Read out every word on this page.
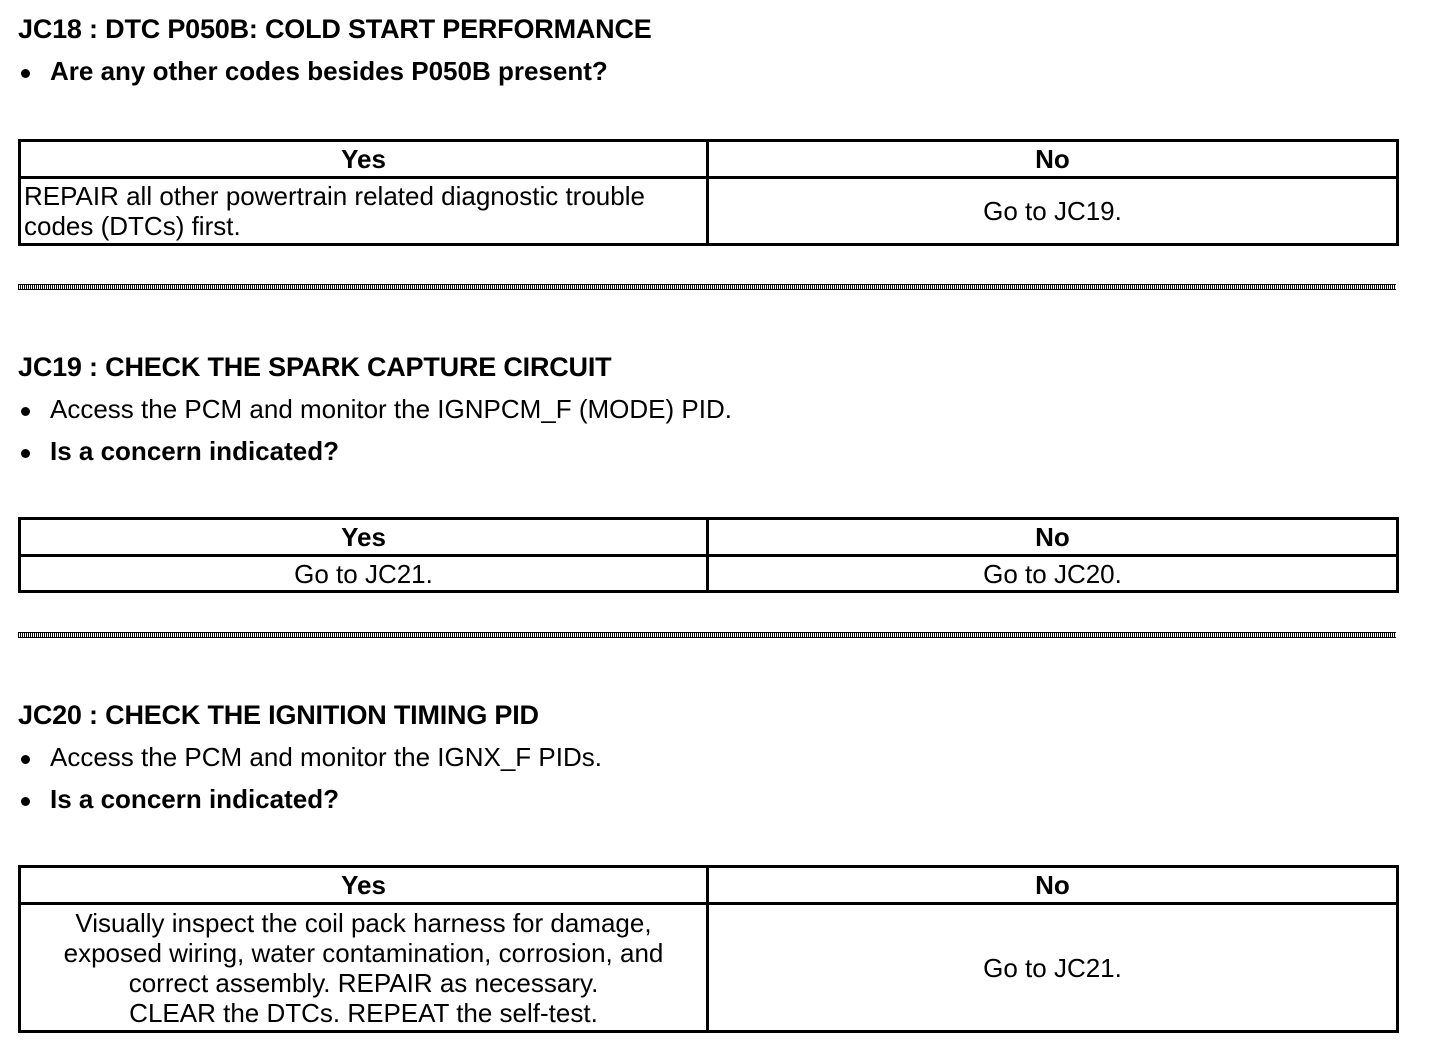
JC18 : DTC P050B: COLD START PERFORMANCE
Are any other codes besides P050B present?
Yes	No

REPAIR all other powertrain related diagnostic trouble
codes (DTCs) first.	Go to JC19.
JC19 : CHECK THE SPARK CAPTURE CIRCUIT
Access the PCM and monitor the IGNPCM_F (MODE) PID.
Is a concern indicated?
Yes	No
Go to JC21.	Go to JC20.
JC20 : CHECK THE IGNITION TIMING PID
Access the PCM and monitor the IGNX_F PIDs.
Is a concern indicated?
Yes	No

Visually inspect the coil pack harness for damage,
exposed wiring, water contamination, corrosion, and
correct assembly. REPAIR as necessary.
CLEAR the DTCs. REPEAT the self-test.	Go to JC21.
